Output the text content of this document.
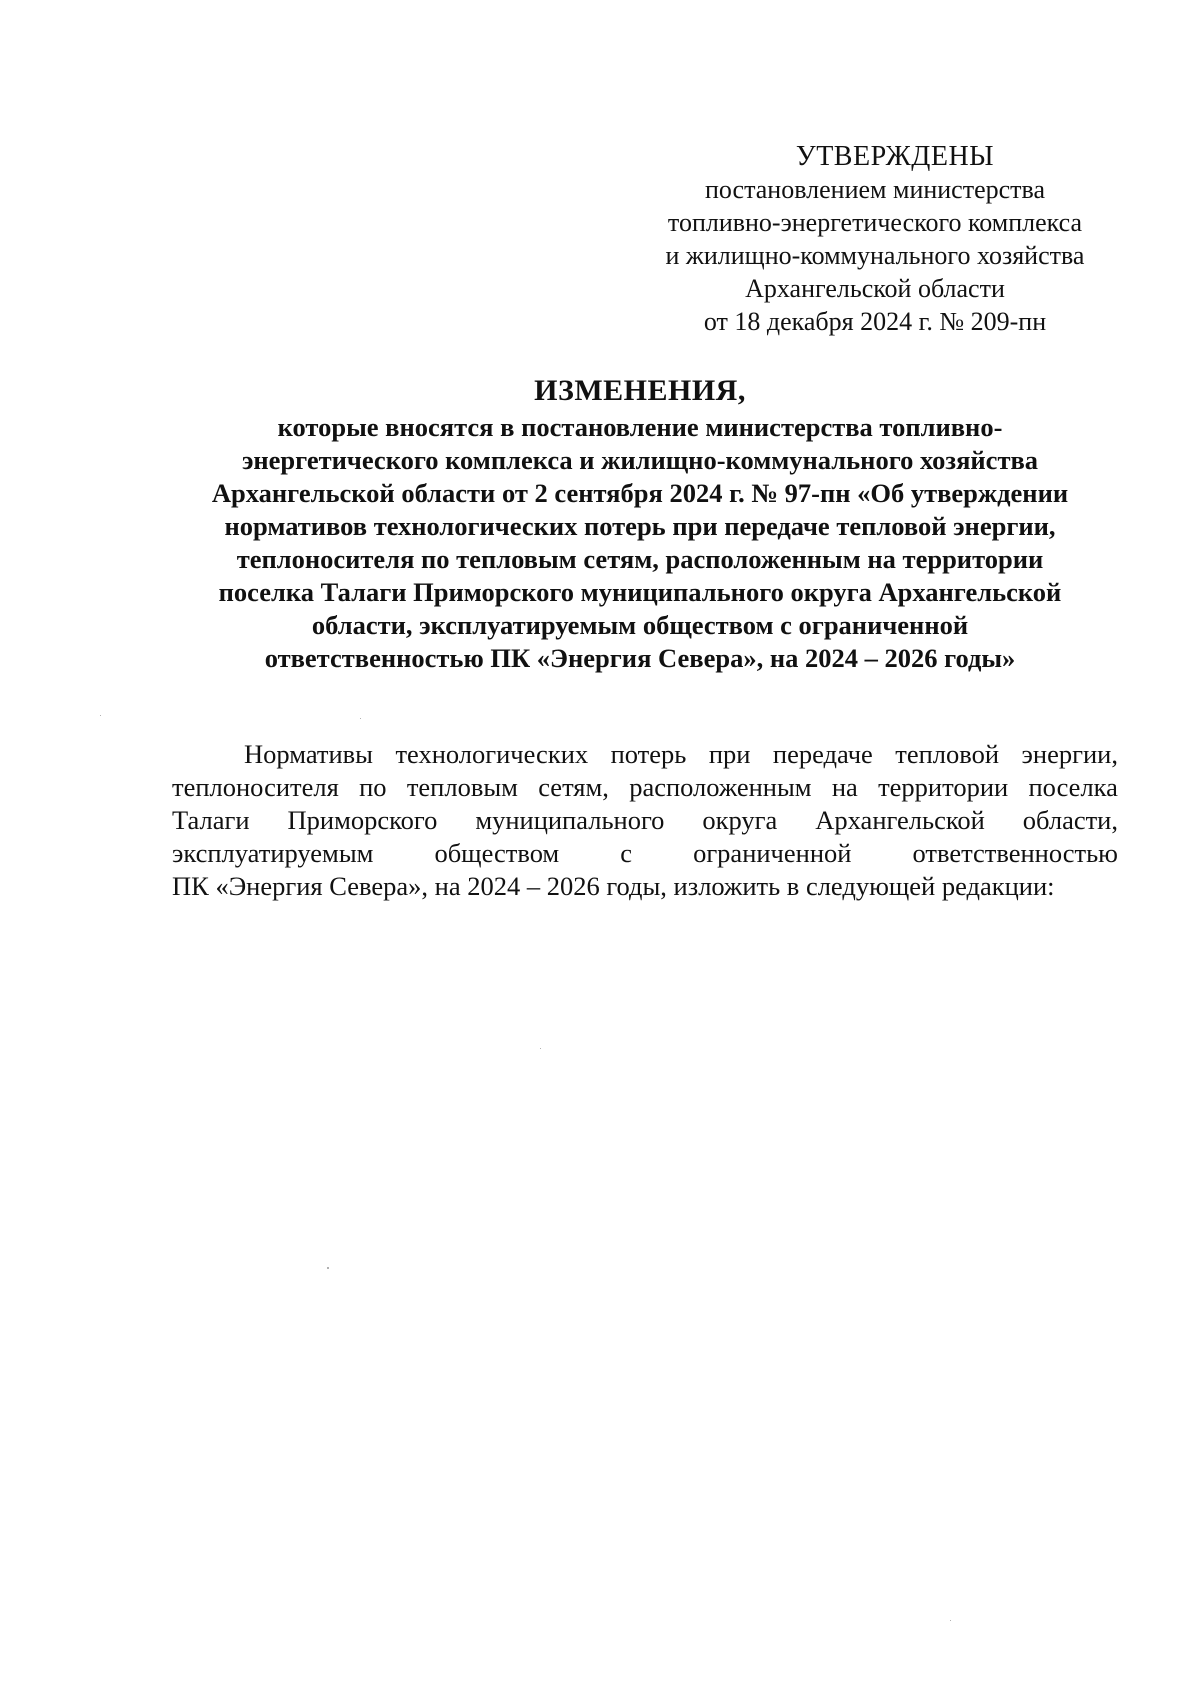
УТВЕРЖДЕНЫ
постановлением министерства
топливно-энергетического комплекса
и жилищно-коммунального хозяйства
Архангельской области
от 18 декабря 2024 г. № 209-пн
ИЗМЕНЕНИЯ,
которые вносятся в постановление министерства топливно-
энергетического комплекса и жилищно-коммунального хозяйства
Архангельской области от 2 сентября 2024 г. № 97-пн «Об утверждении
нормативов технологических потерь при передаче тепловой энергии,
теплоносителя по тепловым сетям, расположенным на территории
поселка Талаги Приморского муниципального округа Архангельской
области, эксплуатируемым обществом с ограниченной
ответственностью ПК «Энергия Севера», на 2024 – 2026 годы»
Нормативы технологических потерь при передаче тепловой энергии,
теплоносителя по тепловым сетям, расположенным на территории поселка
Талаги Приморского муниципального округа Архангельской области,
эксплуатируемым обществом с ограниченной ответственностью
ПК «Энергия Севера», на 2024 – 2026 годы, изложить в следующей редакции:
